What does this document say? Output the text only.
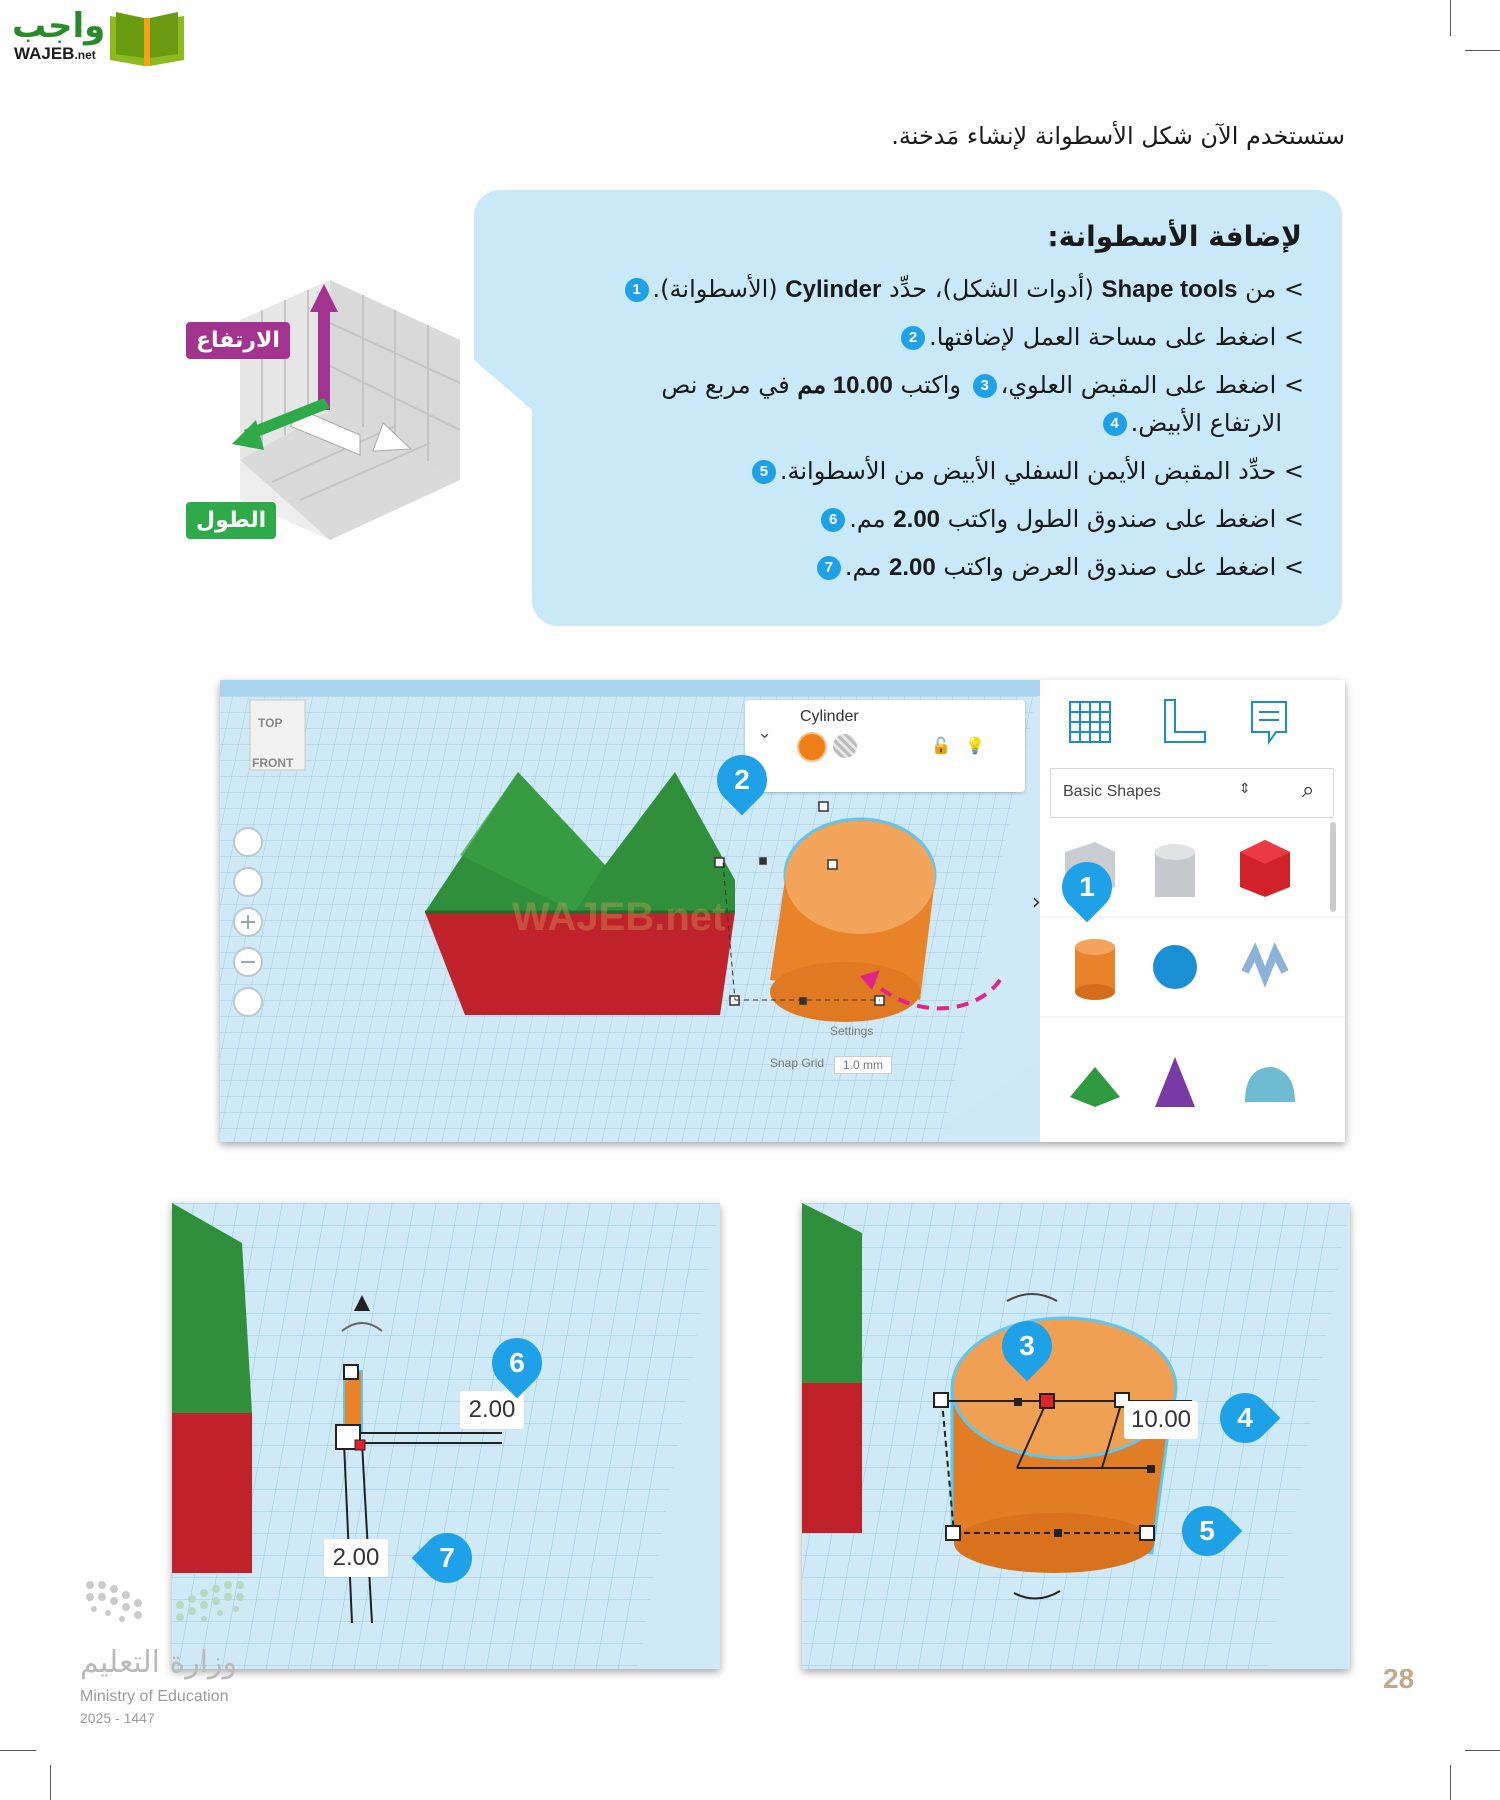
واجب
WAJEB.net
ستستخدم الآن شكل الأسطوانة لإنشاء مَدخنة.
لإضافة الأسطوانة:
> من Shape tools (أدوات الشكل)، حدِّد Cylinder (الأسطوانة).1
> اضغط على مساحة العمل لإضافتها.2
> اضغط على المقبض العلوي،3 واكتب 10.00 مم في مربع نص
الارتفاع الأبيض.4
> حدِّد المقبض الأيمن السفلي الأبيض من الأسطوانة.5
> اضغط على صندوق الطول واكتب 2.00 مم.6
> اضغط على صندوق العرض واكتب 2.00 مم.7
الارتفاع
الطول
TOP
FRONT
WAJEB.net
⌄
Cylinder
🔓 💡
Settings
Snap Grid	1.0 mm
2	Basic Shapes	⇕ ⌕
1
›
2.00
2.00
6
7
10.00
3
4
5
وزارة التعليم
Ministry of Education
2025 - 1447
28
